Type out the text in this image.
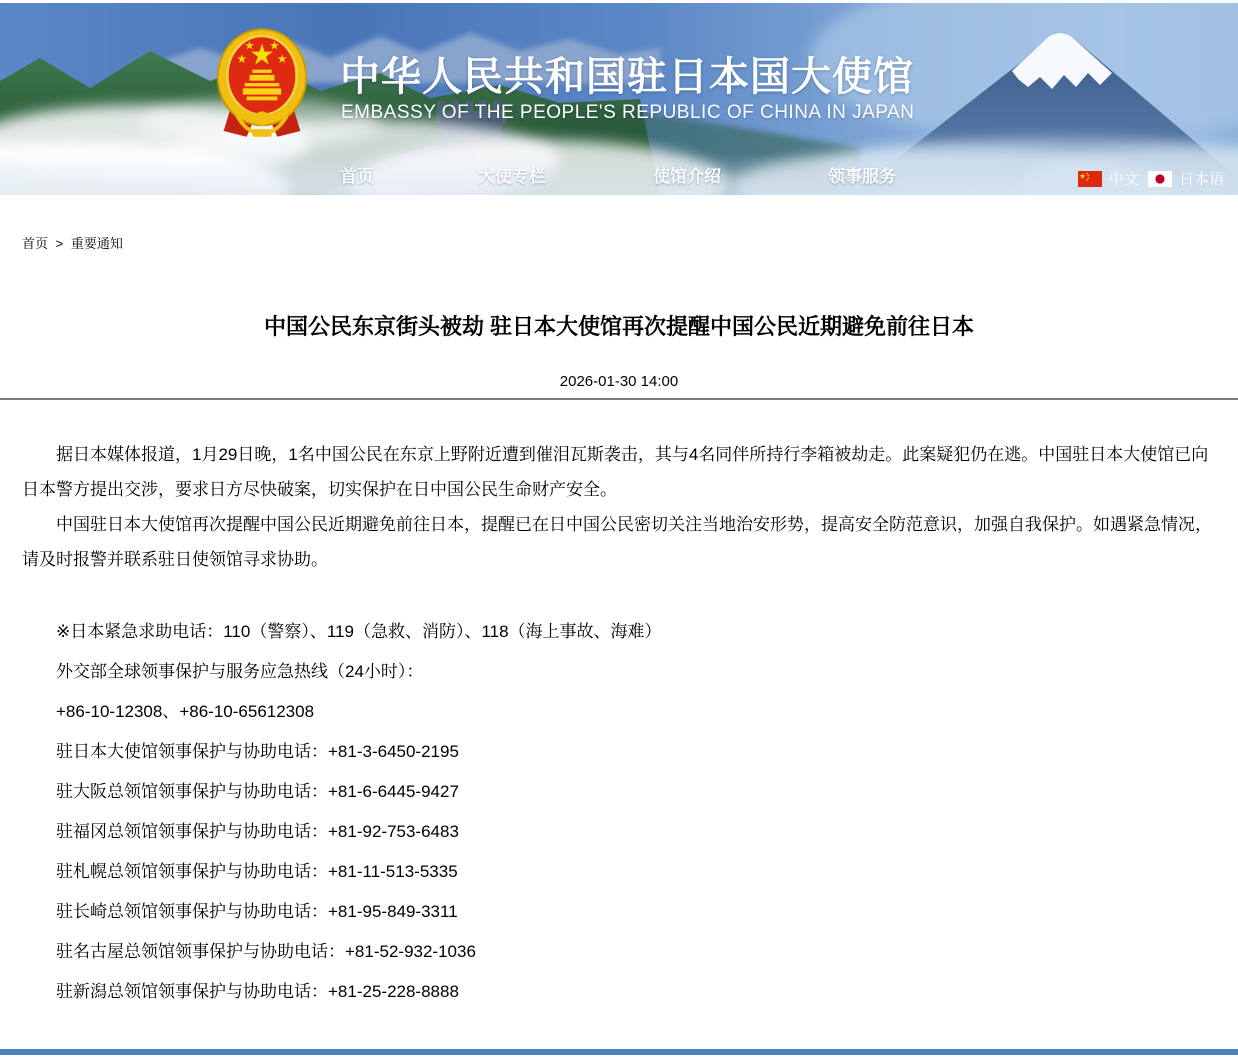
中华人民共和国驻日本国大使馆
EMBASSY OF THE PEOPLE'S REPUBLIC OF CHINA IN JAPAN
首页	大使专栏	使馆介绍	领事服务	中文	日本语
首页 > 重要通知
中国公民东京街头被劫 驻日本大使馆再次提醒中国公民近期避免前往日本
2026-01-30 14:00

据日本媒体报道，1月29日晚，1名中国公民在东京上野附近遭到催泪瓦斯袭击，其与4名同伴所持行李箱被劫走。此案疑犯仍在逃。中国驻日本大使馆已向日本警方提出交涉，要求日方尽快破案，切实保护在日中国公民生命财产安全。

中国驻日本大使馆再次提醒中国公民近期避免前往日本，提醒已在日中国公民密切关注当地治安形势，提高安全防范意识，加强自我保护。如遇紧急情况，请及时报警并联系驻日使领馆寻求协助。

※日本紧急求助电话：110（警察）、119（急救、消防）、118（海上事故、海难）
外交部全球领事保护与服务应急热线（24小时）：
+86-10-12308、+86-10-65612308
驻日本大使馆领事保护与协助电话：+81-3-6450-2195
驻大阪总领馆领事保护与协助电话：+81-6-6445-9427
驻福冈总领馆领事保护与协助电话：+81-92-753-6483
驻札幌总领馆领事保护与协助电话：+81-11-513-5335
驻长崎总领馆领事保护与协助电话：+81-95-849-3311
驻名古屋总领馆领事保护与协助电话：+81-52-932-1036
驻新潟总领馆领事保护与协助电话：+81-25-228-8888
